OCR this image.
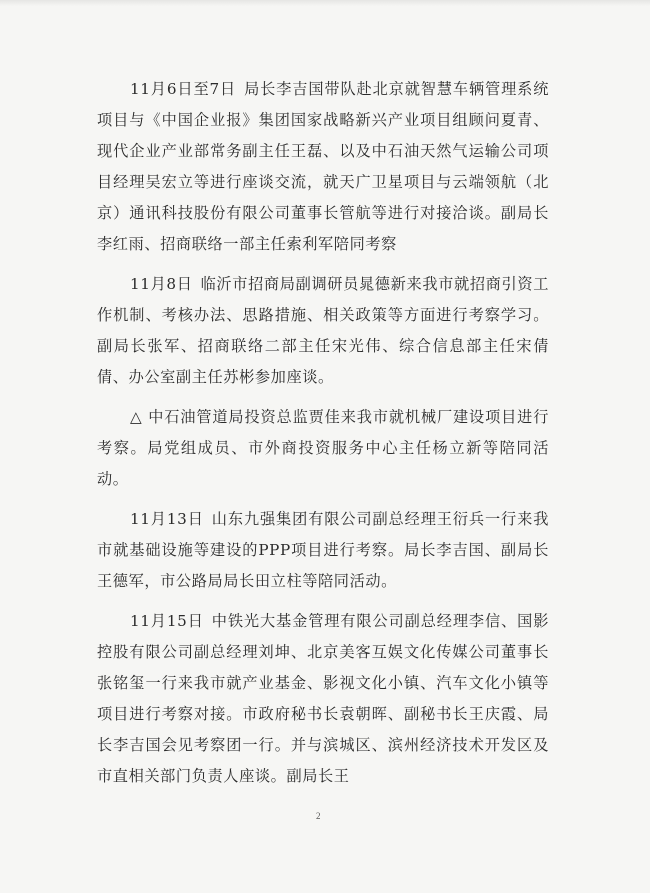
11月6日至7日 局长李吉国带队赴北京就智慧车辆管理系统项目与《中国企业报》集团国家战略新兴产业项目组顾问夏青、现代企业产业部常务副主任王磊、以及中石油天然气运输公司项目经理吴宏立等进行座谈交流，就天广卫星项目与云端领航（北京）通讯科技股份有限公司董事长管航等进行对接洽谈。副局长李红雨、招商联络一部主任索利军陪同考察

11月8日 临沂市招商局副调研员晁德新来我市就招商引资工作机制、考核办法、思路措施、相关政策等方面进行考察学习。副局长张军、招商联络二部主任宋光伟、综合信息部主任宋倩倩、办公室副主任苏彬参加座谈。

△ 中石油管道局投资总监贾佳来我市就机械厂建设项目进行考察。局党组成员、市外商投资服务中心主任杨立新等陪同活动。

11月13日 山东九强集团有限公司副总经理王衍兵一行来我市就基础设施等建设的PPP项目进行考察。局长李吉国、副局长王德军，市公路局局长田立柱等陪同活动。

11月15日 中铁光大基金管理有限公司副总经理李信、国影控股有限公司副总经理刘坤、北京美客互娱文化传媒公司董事长张铭玺一行来我市就产业基金、影视文化小镇、汽车文化小镇等项目进行考察对接。市政府秘书长袁朝晖、副秘书长王庆霞、局长李吉国会见考察团一行。并与滨城区、滨州经济技术开发区及市直相关部门负责人座谈。副局长王

2
